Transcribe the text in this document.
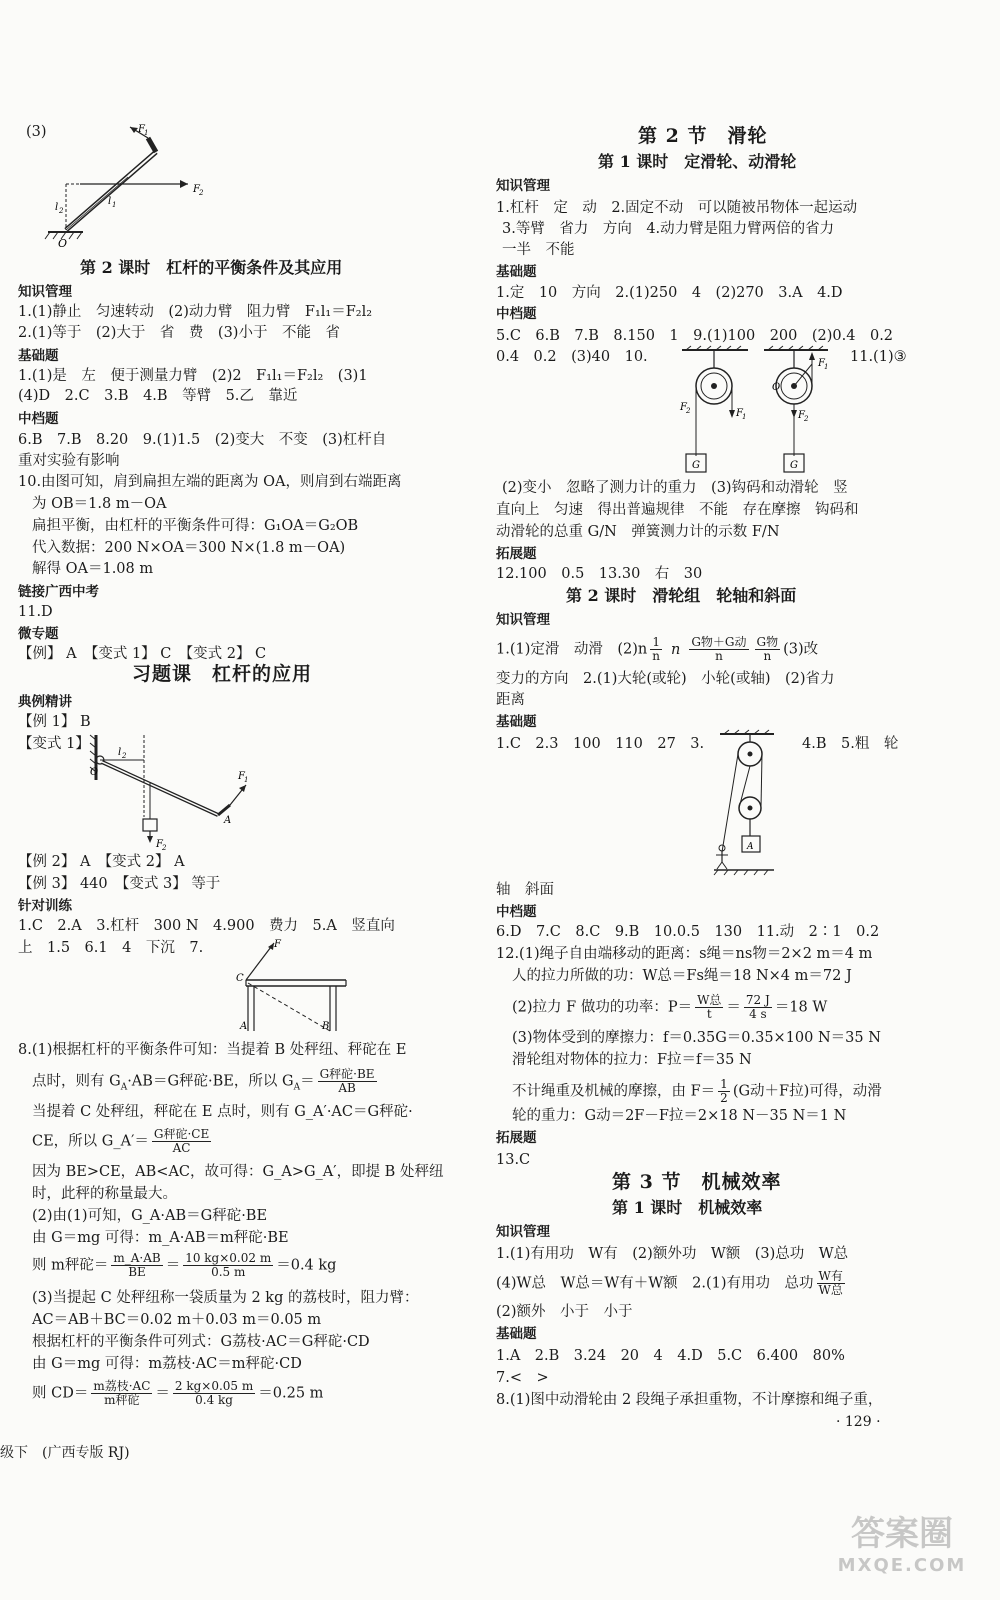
(3)	F 1
F 2
l 1
l 2
O
第 2 课时　杠杆的平衡条件及其应用
知识管理
1.(1)静止　匀速转动　(2)动力臂　阻力臂　F₁l₁＝F₂l₂
2.(1)等于　(2)大于　省　费　(3)小于　不能　省
基础题
1.(1)是　左　便于测量力臂　(2)2　F₁l₁＝F₂l₂　(3)1
(4)D　2.C　3.B　4.B　等臂　5.乙　靠近
中档题
6.B　7.B　8.20　9.(1)1.5　(2)变大　不变　(3)杠杆自
重对实验有影响
10.由图可知，肩到扁担左端的距离为 OA，则肩到右端距离
为 OB＝1.8 m－OA
扁担平衡，由杠杆的平衡条件可得：G₁OA＝G₂OB
代入数据：200 N×OA＝300 N×(1.8 m－OA)
解得 OA＝1.08 m
链接广西中考
11.D
微专题
【例】 A　【变式 1】 C　【变式 2】 C
习题课　杠杆的应用
典例精讲
【例 1】 B
【变式 1】
O
l 2
F 1
F 2
A
【例 2】 A　【变式 2】 A
【例 3】 440　【变式 3】 等于
针对训练
1.C　2.A　3.杠杆　300 N　4.900　费力　5.A　竖直向
上　1.5　6.1　4　下沉　7.	F
C
A	B
8.(1)根据杠杆的平衡条件可知：当提着 B 处秤纽、秤砣在 E
点时，则有 $G_A\cdot AB=G$秤砣·BE，所以 $G_A= \frac{\text{G秤砣·BE}}{AB}$
当提着 C 处秤纽，秤砣在 E 点时，则有 G_A′·AC＝G秤砣·
CE，所以 G_A′＝ $\frac{\text{G秤砣·CE}}{AC}$
因为 BE>CE，AB<AC，故可得：G_A>G_A′，即提 B 处秤纽
时，此秤的称量最大。
(2)由(1)可知，G_A·AB＝G秤砣·BE
由 G＝mg 可得：m_A·AB＝m秤砣·BE
则 m秤砣＝ $\frac{m\_A\cdot AB}{BE} = \frac{10 kg\times 0.02 m}{0.5 m} =0.4$ kg
(3)当提起 C 处秤纽称一袋质量为 2 kg 的荔枝时，阻力臂：
AC＝AB＋BC＝0.02 m＋0.03 m＝0.05 m
根据杠杆的平衡条件可列式：G荔枝·AC＝G秤砣·CD
由 G＝mg 可得：m荔枝·AC＝m秤砣·CD
则 $CD= \frac{\text{m荔枝·AC}}{\text{m秤砣}} = \frac{2 kg\times 0.05 m}{0.4 kg} =0.25$ m
级下　(广西专版 RJ)
第 2 节　滑轮
第 1 课时　定滑轮、动滑轮
知识管理
1.杠杆　定　动　2.固定不动　可以随被吊物体一起运动
3.等臂　省力　方向　4.动力臂是阻力臂两倍的省力
一半　不能
基础题
1.定　10　方向　2.(1)250　4　(2)270　3.A　4.D
中档题
5.C　6.B　7.B　8.150　1　9.(1)100　200　(2)0.4　0.2
0.4　0.2　(3)40　10.	11.(1)③
G
F 2	F 1
G
O
F 1
F 2
(2)变小　忽略了测力计的重力　(3)钩码和动滑轮　竖
直向上　匀速　得出普遍规律　不能　存在摩擦　钩码和
动滑轮的总重 G/N　弹簧测力计的示数 F/N
拓展题
12.100　0.5　13.30　右　30
第 2 课时　滑轮组　轮轴和斜面
知识管理
1.(1)定滑　动滑　$(2)n \frac{1}{n}$ n $\frac{\text{G物＋G动}}{n} \frac{\text{G物}}{n} (3)$改
变力的方向　2.(1)大轮(或轮)　小轮(或轴)　(2)省力
距离
基础题
1.C　2.3　100　110　27　3.	4.B　5.粗　轮
A
轴　斜面
中档题
6.D　7.C　8.C　9.B　10.0.5　130　11.动　2∶1　0.2
12.(1)绳子自由端移动的距离：s绳＝ns物＝2×2 m＝4 m
人的拉力所做的功：W总＝Fs绳＝18 N×4 m＝72 J
(2)拉力 F 做功的功率：$P= \frac{\text{W总}}{t} = \frac{72 J}{4 s} =18$ W
(3)物体受到的摩擦力：f＝0.35G＝0.35×100 N＝35 N
滑轮组对物体的拉力：F拉＝f＝35 N
不计绳重及机械的摩擦，由 $F= \frac{1}{2} (G$动＋F拉)可得，动滑
轮的重力：G动＝2F－F拉＝2×18 N－35 N＝1 N
拓展题
13.C
第 3 节　机械效率
第 1 课时　机械效率
知识管理
1.(1)有用功　W有　(2)额外功　W额　(3)总功　W总
(4)W总　W总＝W有＋W额　2.(1)有用功　总功 $\frac{\text{W有}}{\text{W总}}$
(2)额外　小于　小于
基础题
1.A　2.B　3.24　20　4　4.D　5.C　6.400　80%
7.<　>
8.(1)图中动滑轮由 2 段绳子承担重物，不计摩擦和绳子重，
· 129 ·
答案圈
MXQE.COM
